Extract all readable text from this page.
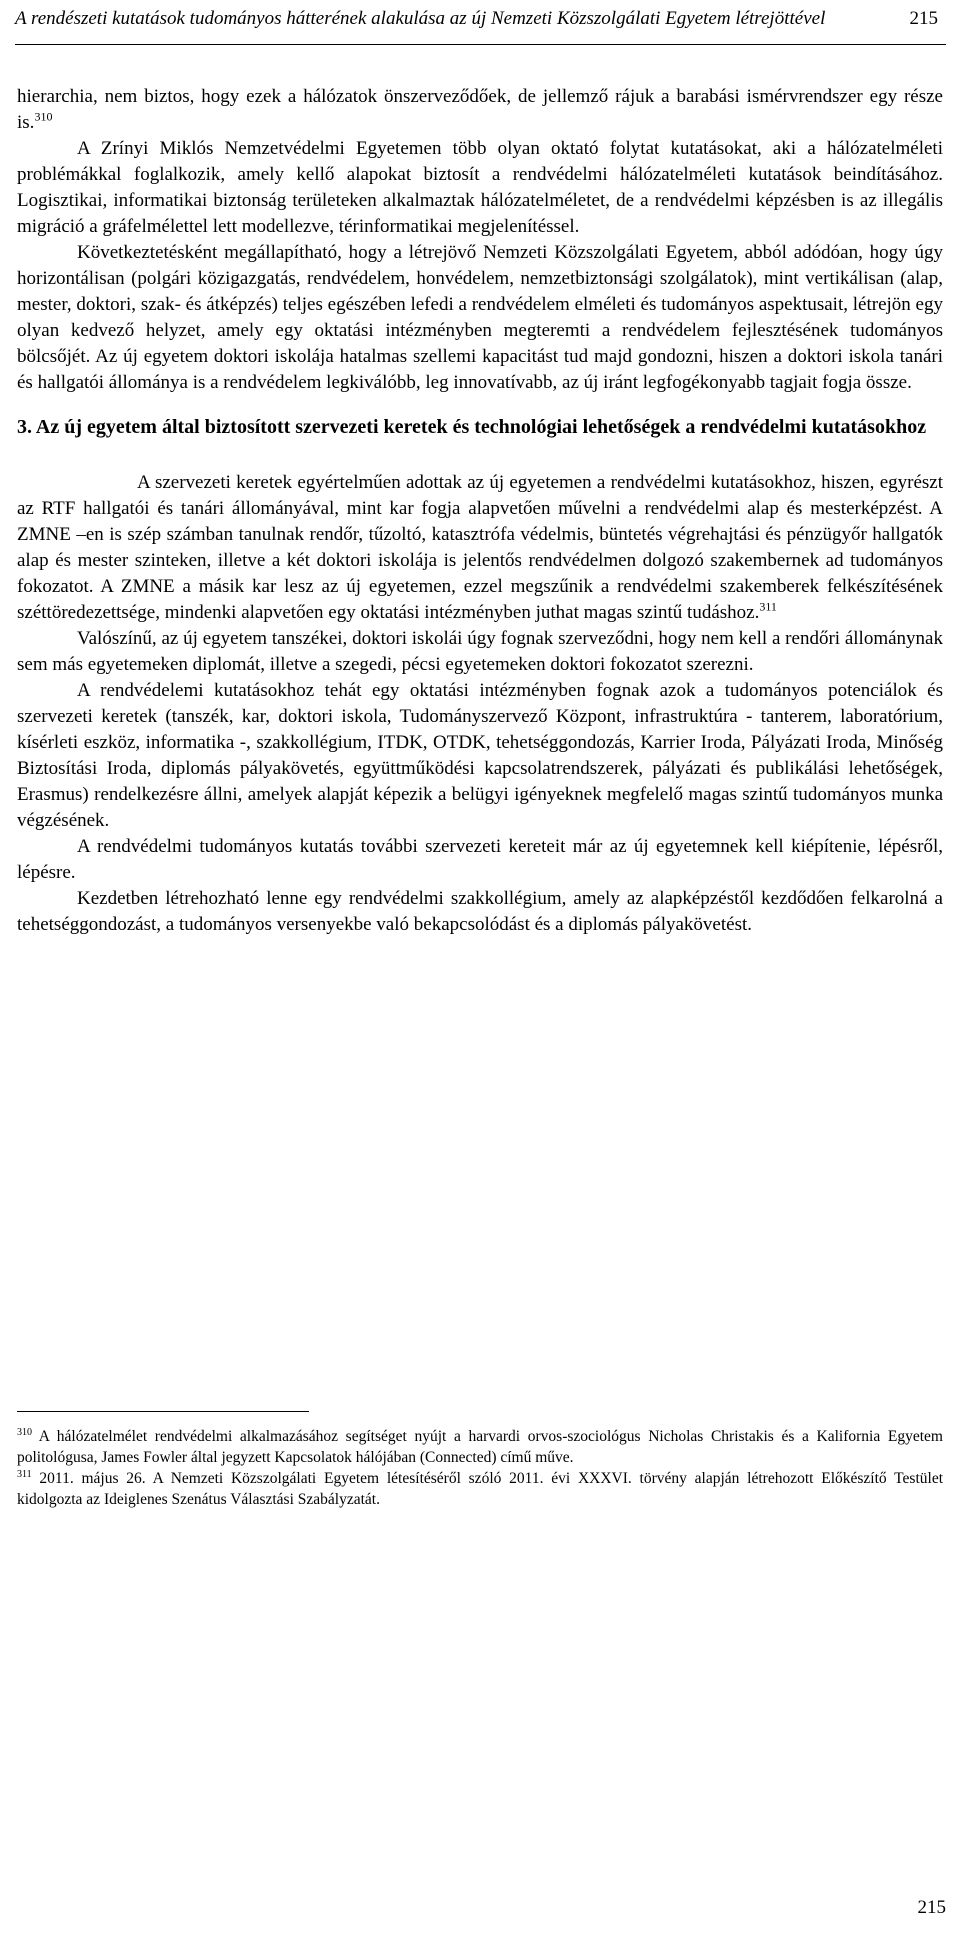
A rendészeti kutatások tudományos hátterének alakulása az új Nemzeti Közszolgálati Egyetem létrejöttével	215

hierarchia, nem biztos, hogy ezek a hálózatok önszerveződőek, de jellemző rájuk a barabási ismérvrendszer egy része is.$^{310}$

A Zrínyi Miklós Nemzetvédelmi Egyetemen több olyan oktató folytat kutatásokat, aki a hálózatelméleti problémákkal foglalkozik, amely kellő alapokat biztosít a rendvédelmi hálózatelméleti kutatások beindításához. Logisztikai, informatikai biztonság területeken alkalmaztak hálózatelméletet, de a rendvédelmi képzésben is az illegális migráció a gráfelmélettel lett modellezve, térinformatikai megjelenítéssel.

Következtetésként megállapítható, hogy a létrejövő Nemzeti Közszolgálati Egyetem, abból adódóan, hogy úgy horizontálisan (polgári közigazgatás, rendvédelem, honvédelem, nemzetbiztonsági szolgálatok), mint vertikálisan (alap, mester, doktori, szak- és átképzés) teljes egészében lefedi a rendvédelem elméleti és tudományos aspektusait, létrejön egy olyan kedvező helyzet, amely egy oktatási intézményben megteremti a rendvédelem fejlesztésének tudományos bölcsőjét. Az új egyetem doktori iskolája hatalmas szellemi kapacitást tud majd gondozni, hiszen a doktori iskola tanári és hallgatói állománya is a rendvédelem legkiválóbb, leg innovatívabb, az új iránt legfogékonyabb tagjait fogja össze.

3. Az új egyetem által biztosított szervezeti keretek és technológiai lehetőségek a rendvédelmi kutatásokhoz

A szervezeti keretek egyértelműen adottak az új egyetemen a rendvédelmi kutatásokhoz, hiszen, egyrészt az RTF hallgatói és tanári állományával, mint kar fogja alapvetően művelni a rendvédelmi alap és mesterképzést. A ZMNE –en is szép számban tanulnak rendőr, tűzoltó, katasztrófa védelmis, büntetés végrehajtási és pénzügyőr hallgatók alap és mester szinteken, illetve a két doktori iskolája is jelentős rendvédelmen dolgozó szakembernek ad tudományos fokozatot. A ZMNE a másik kar lesz az új egyetemen, ezzel megszűnik a rendvédelmi szakemberek felkészítésének széttöredezettsége, mindenki alapvetően egy oktatási intézményben juthat magas szintű tudáshoz.$^{311}$

Valószínű, az új egyetem tanszékei, doktori iskolái úgy fognak szerveződni, hogy nem kell a rendőri állománynak sem más egyetemeken diplomát, illetve a szegedi, pécsi egyetemeken doktori fokozatot szerezni.

A rendvédelemi kutatásokhoz tehát egy oktatási intézményben fognak azok a tudományos potenciálok és szervezeti keretek (tanszék, kar, doktori iskola, Tudományszervező Központ, infrastruktúra - tanterem, laboratórium, kísérleti eszköz, informatika -, szakkollégium, ITDK, OTDK, tehetséggondozás, Karrier Iroda, Pályázati Iroda, Minőség Biztosítási Iroda, diplomás pályakövetés, együttműködési kapcsolatrendszerek, pályázati és publikálási lehetőségek, Erasmus) rendelkezésre állni, amelyek alapját képezik a belügyi igényeknek megfelelő magas szintű tudományos munka végzésének.

A rendvédelmi tudományos kutatás további szervezeti kereteit már az új egyetemnek kell kiépítenie, lépésről, lépésre.

Kezdetben létrehozható lenne egy rendvédelmi szakkollégium, amely az alapképzéstől kezdődően felkarolná a tehetséggondozást, a tudományos versenyekbe való bekapcsolódást és a diplomás pályakövetést.

$^{310}$ A hálózatelmélet rendvédelmi alkalmazásához segítséget nyújt a harvardi orvos-szociológus Nicholas Christakis és a Kalifornia Egyetem politológusa, James Fowler által jegyzett Kapcsolatok hálójában (Connected) című műve.

$^{311}$ 2011. május 26. A Nemzeti Közszolgálati Egyetem létesítéséről szóló 2011. évi XXXVI. törvény alapján létrehozott Előkészítő Testület kidolgozta az Ideiglenes Szenátus Választási Szabályzatát.

215
